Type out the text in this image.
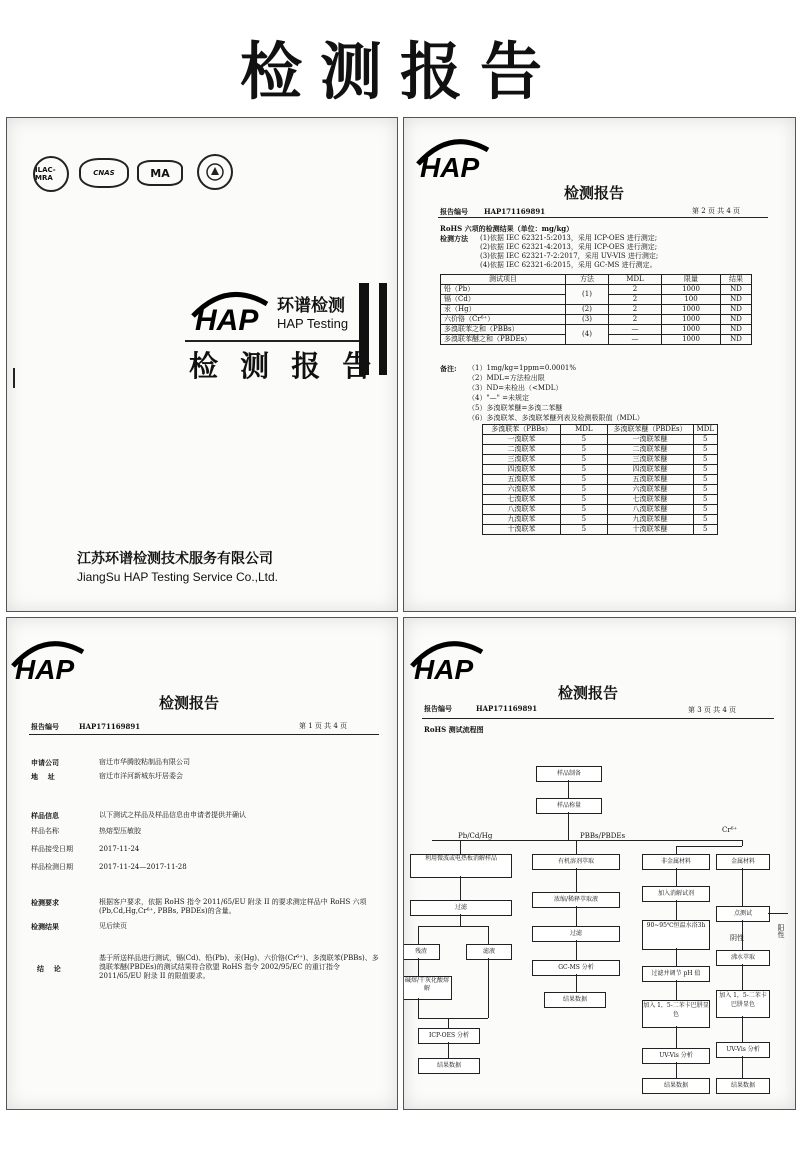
检测报告
ILAC-MRA
CNAS	MA
HAP 环谱检测
HAP Testing
检 测 报 告
江苏环谱检测技术服务有限公司
JiangSu HAP Testing Service Co.,Ltd.
HAP
检测报告
报告编号 HAP171169891	第 2 页 共 4 页
RoHS 六项的检测结果（单位：mg/kg）
检测方法 (1)依据 IEC 62321-5:2013，采用 ICP-OES 进行测定;
(2)依据 IEC 62321-4:2013，采用 ICP-OES 进行测定;
(3)依据 IEC 62321-7-2:2017，采用 UV-VIS 进行测定;
(4)依据 IEC 62321-6:2015，采用 GC-MS 进行测定。
测试项目	方法	MDL	限量	结果
铅（Pb）	(1)	2	1000	ND
镉（Cd）		2	100	ND
汞（Hg）	(2)	2	1000	ND
六价铬（Cr⁶⁺）	(3)	2	1000	ND
多溴联苯之和（PBBs）	(4)	—	1000	ND
多溴联苯醚之和（PBDEs）		—	1000	ND
备注: （1）1mg/kg=1ppm=0.0001%
（2）MDL=方法检出限
（3）ND=未检出（<MDL）
（4）"—" =未规定
（5）多溴联苯醚=多溴二苯醚
（6）多溴联苯、多溴联苯醚列表及检测极限值（MDL）
多溴联苯（PBBs）	MDL	多溴联苯醚（PBDEs）	MDL
一溴联苯	5	一溴联苯醚	5
二溴联苯	5	二溴联苯醚	5
三溴联苯	5	三溴联苯醚	5
四溴联苯	5	四溴联苯醚	5
五溴联苯	5	五溴联苯醚	5
六溴联苯	5	六溴联苯醚	5
七溴联苯	5	七溴联苯醚	5
八溴联苯	5	八溴联苯醚	5
九溴联苯	5	九溴联苯醚	5
十溴联苯	5	十溴联苯醚	5
HAP
检测报告
报告编号	HAP171169891	第 1 页 共 4 页
申请公司	宿迁市华腾胶粘制品有限公司
地    址	宿迁市洋河新城东圩居委会
样品信息	以下测试之样品及样品信息由申请者提供并确认
样品名称	热熔型压敏胶
样品接受日期	2017-11-24
样品检测日期	2017-11-24—2017-11-28
检测要求	根据客户要求，依据 RoHS 指令 2011/65/EU 附录 II 的要求测定样品中 RoHS 六项(Pb,Cd,Hg,Cr⁶⁺, PBBs, PBDEs)的含量。
检测结果	见后续页
结    论
基于所送样品进行测试，镉(Cd)、铅(Pb)、汞(Hg)、六价铬(Cr⁶⁺)、多溴联苯(PBBs)、多溴联苯醚(PBDEs)的测试结果符合欧盟 RoHS 指令 2002/95/EC 的重订指令 2011/65/EU 附录 II 的限值要求。
HAP
检测报告
报告编号	HAP171169891	第 3 页 共 4 页
RoHS 测试流程图
样品制备
样品称量
Pb/Cd/Hg	PBBs/PBDEs
Cr⁶⁺
利用微波或电热板消解样品
过滤
残渣	滤液
碱熔/干灰化酸熔解
ICP-OES 分析
结果数据
有机溶剂萃取
浓缩/稀释萃取液
过滤
GC-MS 分析
结果数据
非金属材料
加入消解试剂
90~95℃恒温水浴3h
过滤并调节 pH 值
加入 1，5-二苯卡巴肼显色
UV-Vis 分析
结果数据
金属材料
点测试
阳性
阴性
沸水萃取
加入 1，5-二苯卡巴肼显色
UV-Vis 分析
结果数据
